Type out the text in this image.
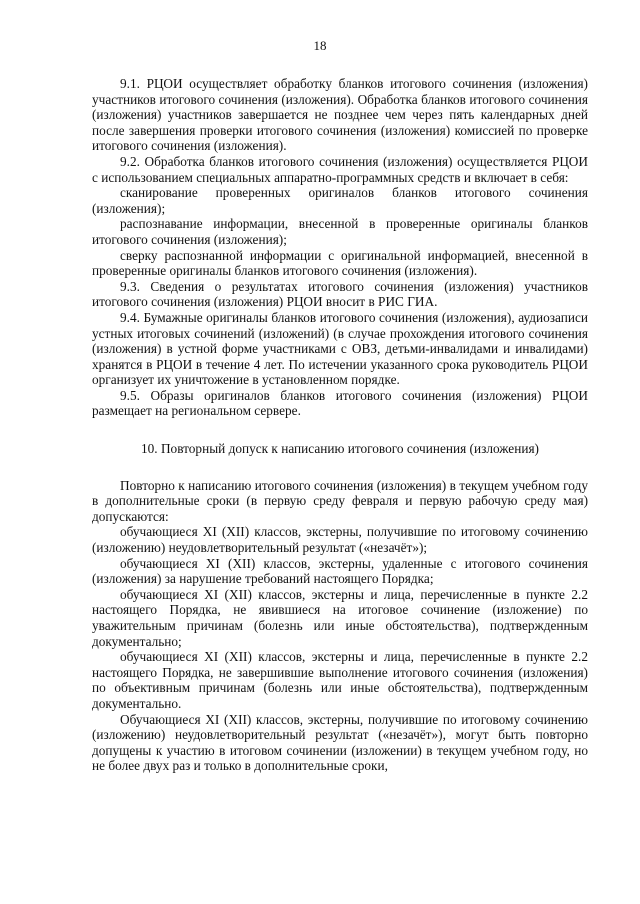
18

9.1. РЦОИ осуществляет обработку бланков итогового сочинения (изложения) участников итогового сочинения (изложения). Обработка бланков итогового сочинения (изложения) участников завершается не позднее чем через пять календарных дней после завершения проверки итогового сочинения (изложения) комиссией по проверке итогового сочинения (изложения).

9.2. Обработка бланков итогового сочинения (изложения) осуществляется РЦОИ с использованием специальных аппаратно-программных средств и включает в себя:

сканирование проверенных оригиналов бланков итогового сочинения (изложения);

распознавание информации, внесенной в проверенные оригиналы бланков итогового сочинения (изложения);

сверку распознанной информации с оригинальной информацией, внесенной в проверенные оригиналы бланков итогового сочинения (изложения).

9.3. Сведения о результатах итогового сочинения (изложения) участников итогового сочинения (изложения) РЦОИ вносит в РИС ГИА.

9.4. Бумажные оригиналы бланков итогового сочинения (изложения), аудиозаписи устных итоговых сочинений (изложений) (в случае прохождения итогового сочинения (изложения) в устной форме участниками с ОВЗ, детьми-инвалидами и инвалидами) хранятся в РЦОИ в течение 4 лет. По истечении указанного срока руководитель РЦОИ организует их уничтожение в установленном порядке.

9.5. Образы оригиналов бланков итогового сочинения (изложения) РЦОИ размещает на региональном сервере.

10. Повторный допуск к написанию итогового сочинения (изложения)

Повторно к написанию итогового сочинения (изложения) в текущем учебном году в дополнительные сроки (в первую среду февраля и первую рабочую среду мая) допускаются:

обучающиеся XI (XII) классов, экстерны, получившие по итоговому сочинению (изложению) неудовлетворительный результат («незачёт»);

обучающиеся XI (XII) классов, экстерны, удаленные с итогового сочинения (изложения) за нарушение требований настоящего Порядка;

обучающиеся XI (XII) классов, экстерны и лица, перечисленные в пункте 2.2 настоящего Порядка, не явившиеся на итоговое сочинение (изложение) по уважительным причинам (болезнь или иные обстоятельства), подтвержденным документально;

обучающиеся XI (XII) классов, экстерны и лица, перечисленные в пункте 2.2 настоящего Порядка, не завершившие выполнение итогового сочинения (изложения) по объективным причинам (болезнь или иные обстоятельства), подтвержденным документально.

Обучающиеся XI (XII) классов, экстерны, получившие по итоговому сочинению (изложению) неудовлетворительный результат («незачёт»), могут быть повторно допущены к участию в итоговом сочинении (изложении) в текущем учебном году, но не более двух раз и только в дополнительные сроки,
